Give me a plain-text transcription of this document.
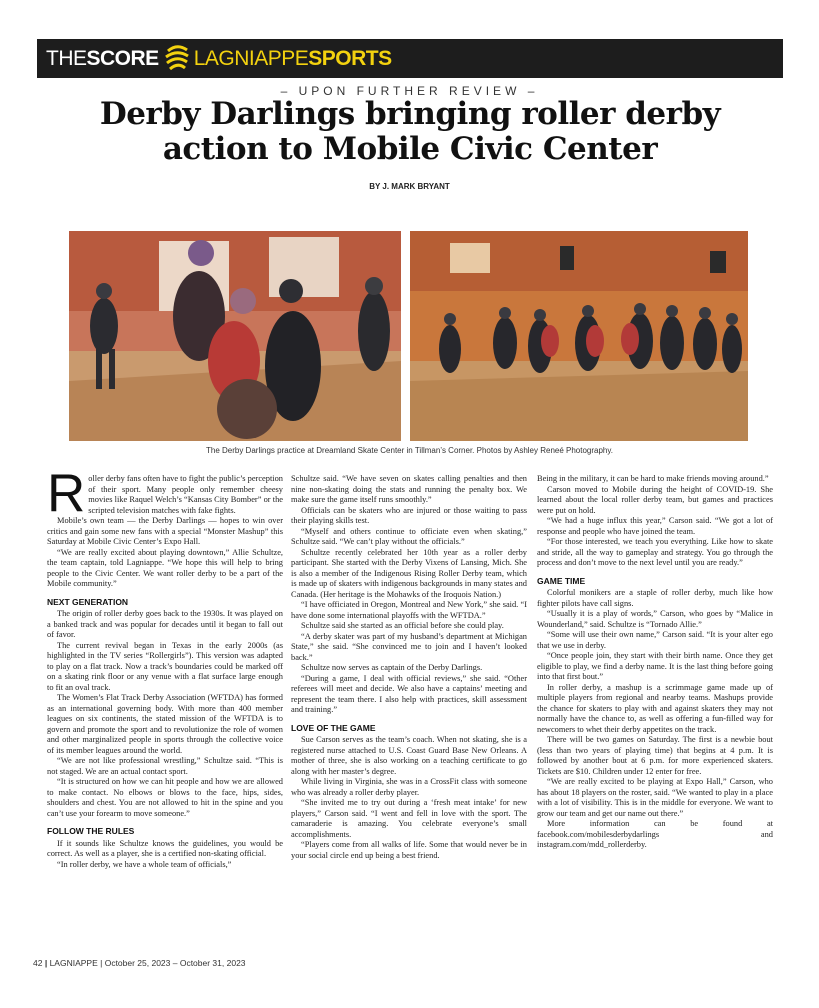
THE SCORE LAGNIAPPE SPORTS
– UPON FURTHER REVIEW –
Derby Darlings bringing roller derby
action to Mobile Civic Center
BY J. MARK BRYANT
The Derby Darlings practice at Dreamland Skate Center in Tillman’s Corner. Photos by Ashley Reneé Photography.

Roller derby fans often have to fight the public’s perception of their sport. Many people only remember cheesy movies like Raquel Welch’s “Kansas City Bomber” or the scripted television matches with fake fights.

Mobile’s own team — the Derby Darlings — hopes to win over critics and gain some new fans with a special “Monster Mashup” this Saturday at Mobile Civic Center’s Expo Hall.

“We are really excited about playing downtown,” Allie Schultze, the team captain, told Lagniappe. “We hope this will help to bring people to the Civic Center. We want roller derby to be a part of the Mobile community.”

NEXT GENERATION

The origin of roller derby goes back to the 1930s. It was played on a banked track and was popular for decades until it began to fall out of favor.

The current revival began in Texas in the early 2000s (as highlighted in the TV series “Rollergirls”). This version was adapted to play on a flat track. Now a track’s boundaries could be marked off on a skating rink floor or any venue with a flat surface large enough to fit an oval track.

The Women’s Flat Track Derby Association (WFTDA) has formed as an international governing body. With more than 400 member leagues on six continents, the stated mission of the WFTDA is to govern and promote the sport and to revolutionize the role of women and other marginalized people in sports through the collective voice of its member leagues around the world.

“We are not like professional wrestling,” Schultze said. “This is not staged. We are an actual contact sport.

“It is structured on how we can hit people and how we are allowed to make contact. No elbows or blows to the face, hips, sides, shoulders and chest. You are not allowed to hit in the spine and you can’t use your forearm to move someone.”

FOLLOW THE RULES

If it sounds like Schultze knows the guidelines, you would be correct. As well as a player, she is a certified non-skating official.

“In roller derby, we have a whole team of officials,”

Schultze said. “We have seven on skates calling penalties and then nine non-skating doing the stats and running the penalty box. We make sure the game itself runs smoothly.”

Officials can be skaters who are injured or those waiting to pass their playing skills test.

“Myself and others continue to officiate even when skating,” Schultze said. “We can’t play without the officials.”

Schultze recently celebrated her 10th year as a roller derby participant. She started with the Derby Vixens of Lansing, Mich. She is also a member of the Indigenous Rising Roller Derby team, which is made up of skaters with indigenous backgrounds in many states and Canada. (Her heritage is the Mohawks of the Iroquois Nation.)

“I have officiated in Oregon, Montreal and New York,” she said. “I have done some international playoffs with the WFTDA.”

Schultze said she started as an official before she could play.

“A derby skater was part of my husband’s department at Michigan State,” she said. “She convinced me to join and I haven’t looked back.”

Schultze now serves as captain of the Derby Darlings.

“During a game, I deal with official reviews,” she said. “Other referees will meet and decide. We also have a captains’ meeting and represent the team there. I also help with practices, skill assessment and training.”

LOVE OF THE GAME

Sue Carson serves as the team’s coach. When not skating, she is a registered nurse attached to U.S. Coast Guard Base New Orleans. A mother of three, she is also working on a teaching certificate to go along with her master’s degree.

While living in Virginia, she was in a CrossFit class with someone who was already a roller derby player.

“She invited me to try out during a ‘fresh meat intake’ for new players,” Carson said. “I went and fell in love with the sport. The camaraderie is amazing. You celebrate everyone’s small accomplishments.

“Players come from all walks of life. Some that would never be in your social circle end up being a best friend.

Being in the military, it can be hard to make friends moving around.”

Carson moved to Mobile during the height of COVID-19. She learned about the local roller derby team, but games and practices were put on hold.

“We had a huge influx this year,” Carson said. “We got a lot of response and people who have joined the team.

“For those interested, we teach you everything. Like how to skate and stride, all the way to gameplay and strategy. You go through the process and don’t move to the next level until you are ready.”

GAME TIME

Colorful monikers are a staple of roller derby, much like how fighter pilots have call signs.

“Usually it is a play of words,” Carson, who goes by “Malice in Wounderland,” said. Schultze is “Tornado Allie.”

“Some will use their own name,” Carson said. “It is your alter ego that we use in derby.

“Once people join, they start with their birth name. Once they get eligible to play, we find a derby name. It is the last thing before going into that first bout.”

In roller derby, a mashup is a scrimmage game made up of multiple players from regional and nearby teams. Mashups provide the chance for skaters to play with and against skaters they may not normally have the chance to, as well as offering a fun-filled way for newcomers to whet their derby appetites on the track.

There will be two games on Saturday. The first is a newbie bout (less than two years of playing time) that begins at 4 p.m. It is followed by another bout at 6 p.m. for more experienced skaters. Tickets are $10. Children under 12 enter for free.

“We are really excited to be playing at Expo Hall,” Carson, who has about 18 players on the roster, said. “We wanted to play in a place with a lot of visibility. This is in the middle for everyone. We want to grow our team and get our name out there.”

More information can be found at facebook.com/mobilesderbydarlings and instagram.com/mdd_rollerderby.

42 | LAGNIAPPE | October 25, 2023 – October 31, 2023
